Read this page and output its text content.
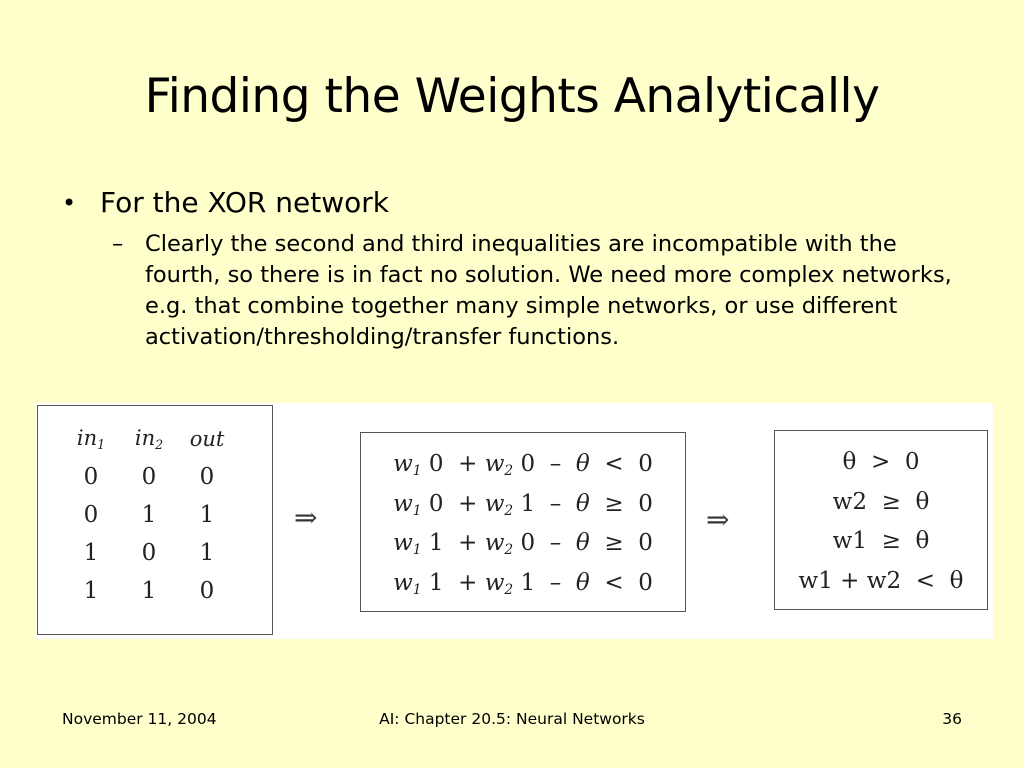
Finding the Weights Analytically
• For the XOR network
– Clearly the second and third inequalities are incompatible with the fourth, so there is in fact no solution. We need more complex networks, e.g. that combine together many simple networks, or use different activation/thresholding/transfer functions.
$in_1$	$in_2$	out
0	0	0
0	1	1
1	0	1
1	1	0
⇒
$w_1$ $0 + w_2$ 0  –  θ < 0
$w_1$ $0 + w_2$ 1  –  θ ≥ 0
$w_1$ $1 + w_2$ 0  –  θ ≥ 0
$w_1$ $1 + w_2$ 1  –  θ < 0
⇒
θ  >  0
w2  ≥  θ
w1  ≥  θ
w1 + w2  <  θ
November 11, 2004	AI: Chapter 20.5: Neural Networks	36
